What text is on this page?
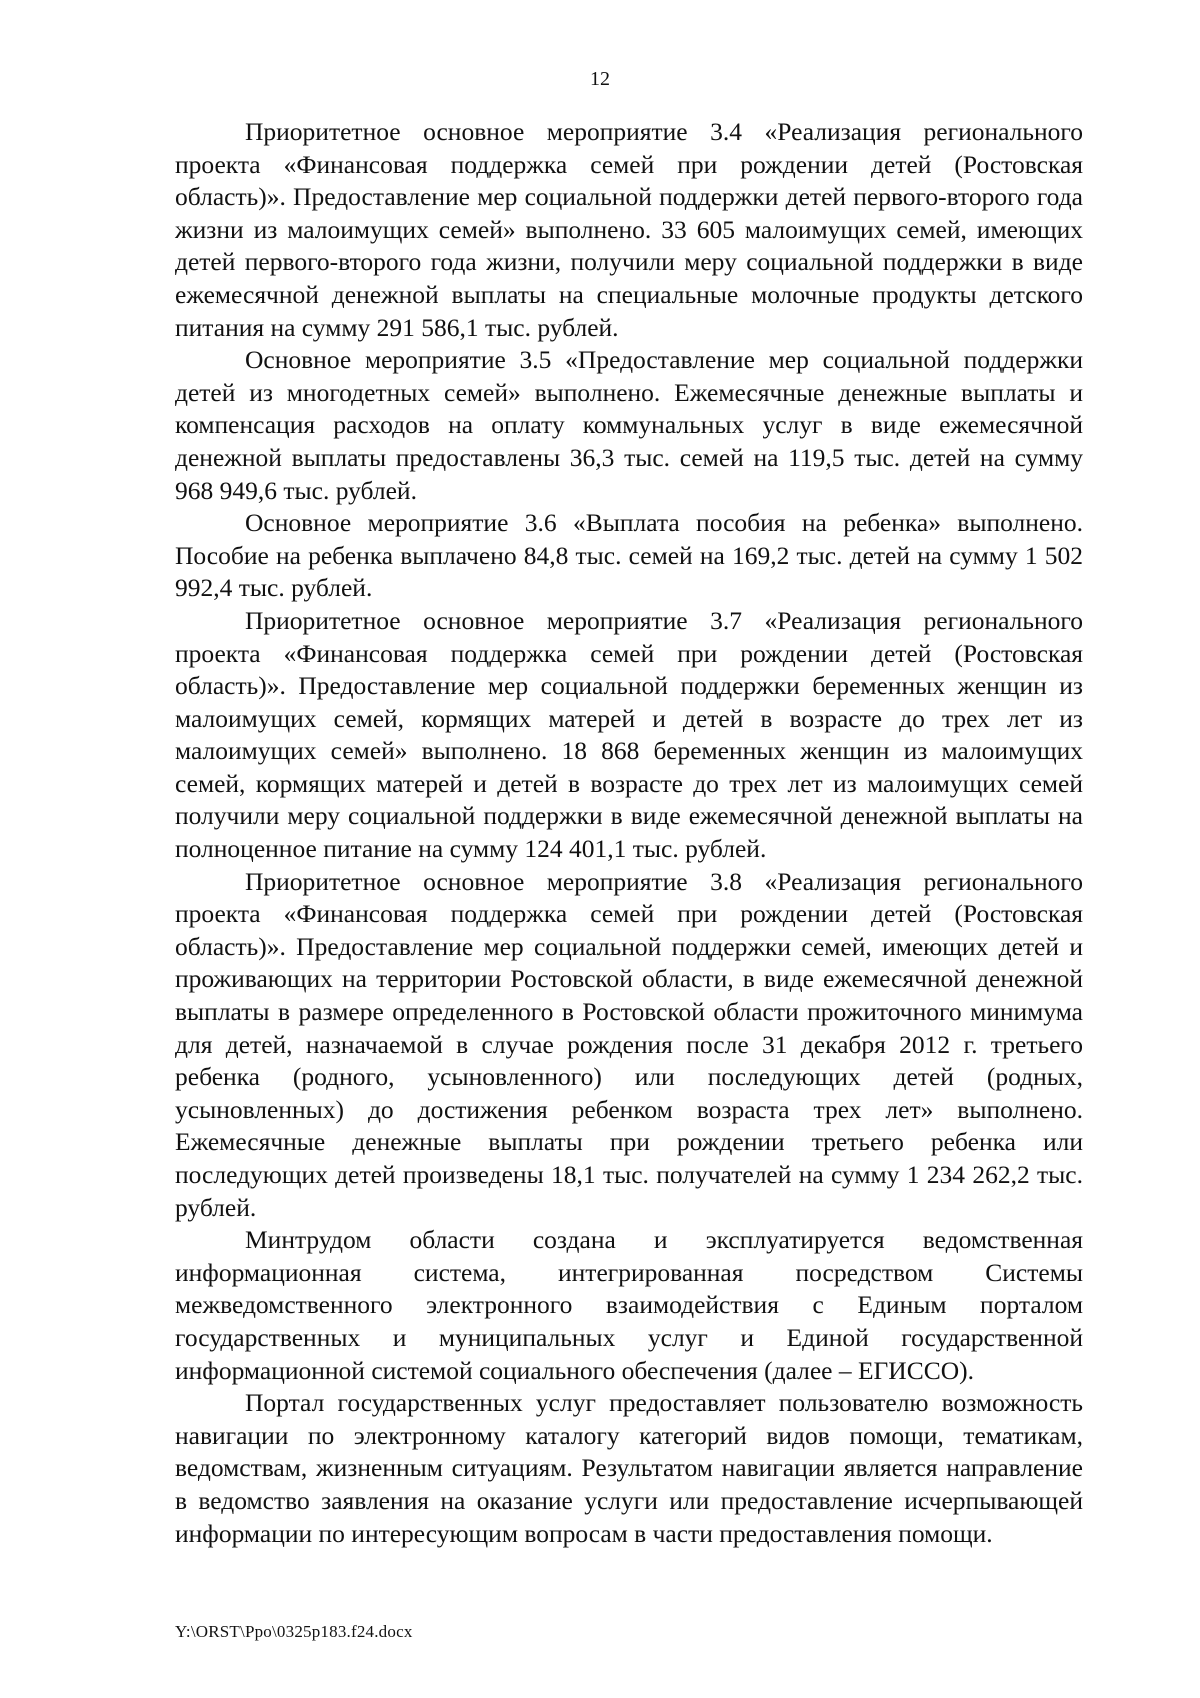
12

Приоритетное основное мероприятие 3.4 «Реализация регионального проекта «Финансовая поддержка семей при рождении детей (Ростовская область)». Предоставление мер социальной поддержки детей первого-второго года жизни из малоимущих семей» выполнено. 33 605 малоимущих семей, имеющих детей первого-второго года жизни, получили меру социальной поддержки в виде ежемесячной денежной выплаты на специальные молочные продукты детского питания на сумму 291 586,1 тыс. рублей.

Основное мероприятие 3.5 «Предоставление мер социальной поддержки детей из многодетных семей» выполнено. Ежемесячные денежные выплаты и компенсация расходов на оплату коммунальных услуг в виде ежемесячной денежной выплаты предоставлены 36,3 тыс. семей на 119,5 тыс. детей на сумму 968 949,6 тыс. рублей.

Основное мероприятие 3.6 «Выплата пособия на ребенка» выполнено. Пособие на ребенка выплачено 84,8 тыс. семей на 169,2 тыс. детей на сумму 1 502 992,4 тыс. рублей.

Приоритетное основное мероприятие 3.7 «Реализация регионального проекта «Финансовая поддержка семей при рождении детей (Ростовская область)». Предоставление мер социальной поддержки беременных женщин из малоимущих семей, кормящих матерей и детей в возрасте до трех лет из малоимущих семей» выполнено. 18 868 беременных женщин из малоимущих семей, кормящих матерей и детей в возрасте до трех лет из малоимущих семей получили меру социальной поддержки в виде ежемесячной денежной выплаты на полноценное питание на сумму 124 401,1 тыс. рублей.

Приоритетное основное мероприятие 3.8 «Реализация регионального проекта «Финансовая поддержка семей при рождении детей (Ростовская область)». Предоставление мер социальной поддержки семей, имеющих детей и проживающих на территории Ростовской области, в виде ежемесячной денежной выплаты в размере определенного в Ростовской области прожиточного минимума для детей, назначаемой в случае рождения после 31 декабря 2012 г. третьего ребенка (родного, усыновленного) или последующих детей (родных, усыновленных) до достижения ребенком возраста трех лет» выполнено. Ежемесячные денежные выплаты при рождении третьего ребенка или последующих детей произведены 18,1 тыс. получателей на сумму 1 234 262,2 тыс. рублей.

Минтрудом области создана и эксплуатируется ведомственная информационная система, интегрированная посредством Системы межведомственного электронного взаимодействия с Единым порталом государственных и муниципальных услуг и Единой государственной информационной системой социального обеспечения (далее – ЕГИССО).

Портал государственных услуг предоставляет пользователю возможность навигации по электронному каталогу категорий видов помощи, тематикам, ведомствам, жизненным ситуациям. Результатом навигации является направление в ведомство заявления на оказание услуги или предоставление исчерпывающей информации по интересующим вопросам в части предоставления помощи.

Y:\ORST\Ppo\0325p183.f24.docx
